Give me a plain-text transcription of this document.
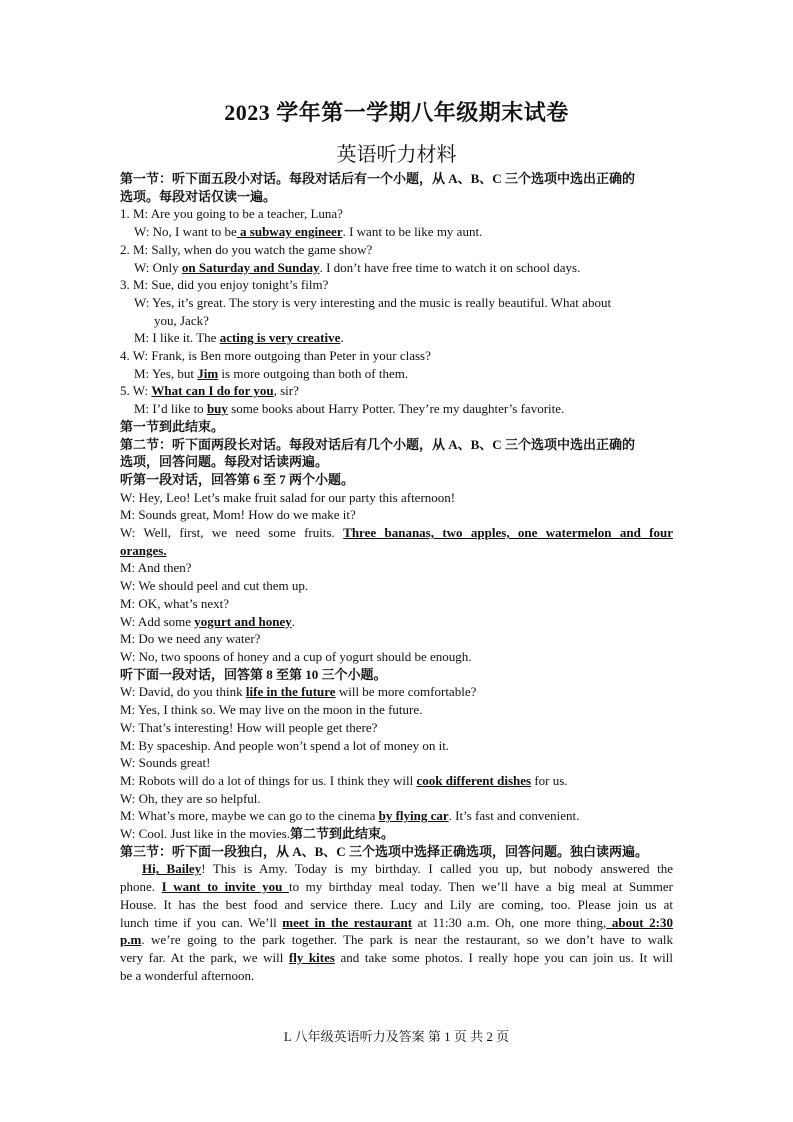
2023 学年第一学期八年级期末试卷
英语听力材料
第一节：听下面五段小对话。每段对话后有一个小题，从 A、B、C 三个选项中选出正确的
选项。每段对话仅读一遍。
1. M: Are you going to be a teacher, Luna?
W: No, I want to be a subway engineer. I want to be like my aunt.
2. M: Sally, when do you watch the game show?
W: Only on Saturday and Sunday. I don’t have free time to watch it on school days.
3. M: Sue, did you enjoy tonight’s film?
W: Yes, it’s great. The story is very interesting and the music is really beautiful. What about
you, Jack?
M: I like it. The acting is very creative.
4. W: Frank, is Ben more outgoing than Peter in your class?
M: Yes, but Jim is more outgoing than both of them.
5. W: What can I do for you, sir?
M: I’d like to buy some books about Harry Potter. They’re my daughter’s favorite.
第一节到此结束。
第二节：听下面两段长对话。每段对话后有几个小题，从 A、B、C 三个选项中选出正确的
选项，回答问题。每段对话读两遍。
听第一段对话，回答第 6 至 7 两个小题。
W: Hey, Leo! Let’s make fruit salad for our party this afternoon!
M: Sounds great, Mom! How do we make it?
W: Well, first, we need some fruits. Three bananas, two apples, one watermelon and four
oranges.
M: And then?
W: We should peel and cut them up.
M: OK, what’s next?
W: Add some yogurt and honey.
M: Do we need any water?
W: No, two spoons of honey and a cup of yogurt should be enough.
听下面一段对话，回答第 8 至第 10 三个小题。
W: David, do you think life in the future will be more comfortable?
M: Yes, I think so. We may live on the moon in the future.
W: That’s interesting! How will people get there?
M: By spaceship. And people won’t spend a lot of money on it.
W: Sounds great!
M: Robots will do a lot of things for us. I think they will cook different dishes for us.
W: Oh, they are so helpful.
M: What’s more, maybe we can go to the cinema by flying car. It’s fast and convenient.
W: Cool. Just like in the movies.第二节到此结束。
第三节：听下面一段独白，从 A、B、C 三个选项中选择正确选项，回答问题。独白读两遍。
Hi, Bailey! This is Amy. Today is my birthday. I called you up, but nobody answered the
phone. I want to invite you to my birthday meal today. Then we’ll have a big meal at Summer
House. It has the best food and service there. Lucy and Lily are coming, too. Please join us at
lunch time if you can. We’ll meet in the restaurant at 11:30 a.m. Oh, one more thing, about 2:30
p.m. we’re going to the park together. The park is near the restaurant, so we don’t have to walk
very far. At the park, we will fly kites and take some photos. I really hope you can join us. It will
be a wonderful afternoon.
L 八年级英语听力及答案 第 1 页 共 2 页
